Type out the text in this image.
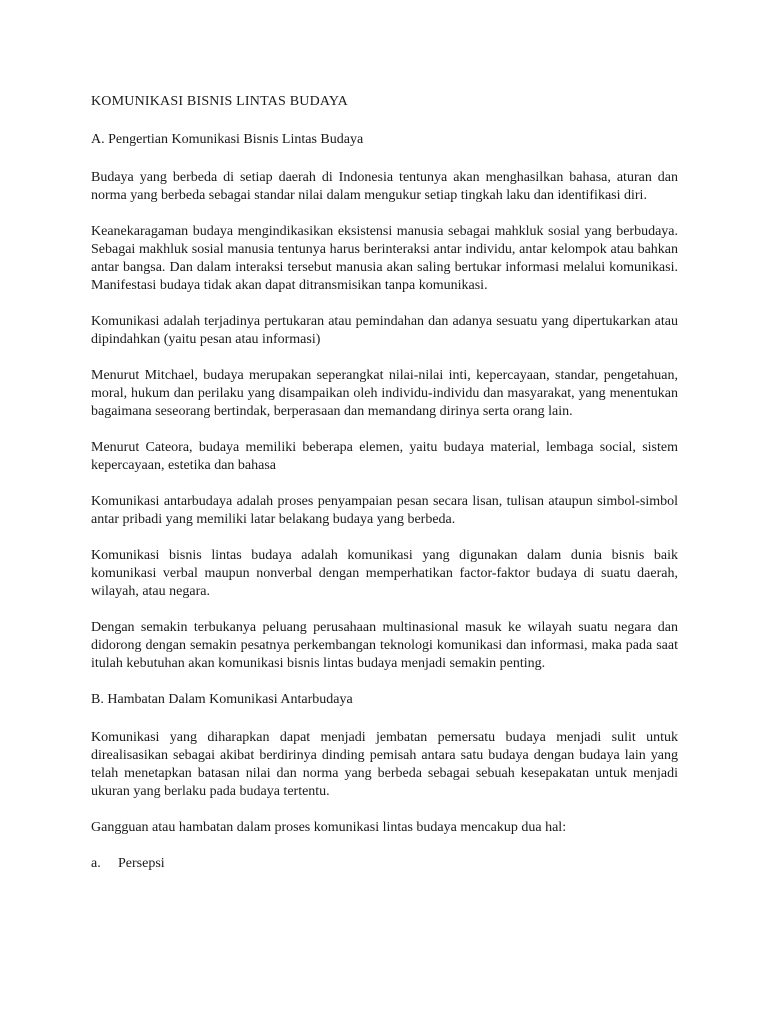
KOMUNIKASI BISNIS LINTAS BUDAYA
A. Pengertian Komunikasi Bisnis Lintas Budaya

Budaya yang berbeda di setiap daerah di Indonesia tentunya akan menghasilkan bahasa, aturan dan norma yang berbeda sebagai standar nilai dalam mengukur setiap tingkah laku dan identifikasi diri.

Keanekaragaman budaya mengindikasikan eksistensi manusia sebagai mahkluk sosial yang berbudaya. Sebagai makhluk sosial manusia tentunya harus berinteraksi antar individu, antar kelompok atau bahkan antar bangsa. Dan dalam interaksi tersebut manusia akan saling bertukar informasi melalui komunikasi. Manifestasi budaya tidak akan dapat ditransmisikan tanpa komunikasi.

Komunikasi adalah terjadinya pertukaran atau pemindahan dan adanya sesuatu yang dipertukarkan atau dipindahkan (yaitu pesan atau informasi)

Menurut Mitchael, budaya merupakan seperangkat nilai-nilai inti, kepercayaan, standar, pengetahuan, moral, hukum dan perilaku yang disampaikan oleh individu-individu dan masyarakat, yang menentukan bagaimana seseorang bertindak, berperasaan dan memandang dirinya serta orang lain.

Menurut Cateora, budaya memiliki beberapa elemen, yaitu budaya material, lembaga social, sistem kepercayaan, estetika dan bahasa

Komunikasi antarbudaya adalah proses penyampaian pesan secara lisan, tulisan ataupun simbol-simbol antar pribadi yang memiliki latar belakang budaya yang berbeda.

Komunikasi bisnis lintas budaya adalah komunikasi yang digunakan dalam dunia bisnis baik komunikasi verbal maupun nonverbal dengan memperhatikan factor-faktor budaya di suatu daerah, wilayah, atau negara.

Dengan semakin terbukanya peluang perusahaan multinasional masuk ke wilayah suatu negara dan didorong dengan semakin pesatnya perkembangan teknologi komunikasi dan informasi, maka pada saat itulah kebutuhan akan komunikasi bisnis lintas budaya menjadi semakin penting.

B. Hambatan Dalam Komunikasi Antarbudaya

Komunikasi yang diharapkan dapat menjadi jembatan pemersatu budaya menjadi sulit untuk direalisasikan sebagai akibat berdirinya dinding pemisah antara satu budaya dengan budaya lain yang telah menetapkan batasan nilai dan norma yang berbeda sebagai sebuah kesepakatan untuk menjadi ukuran yang berlaku pada budaya tertentu.

Gangguan atau hambatan dalam proses komunikasi lintas budaya mencakup dua hal:

a.	Persepsi
